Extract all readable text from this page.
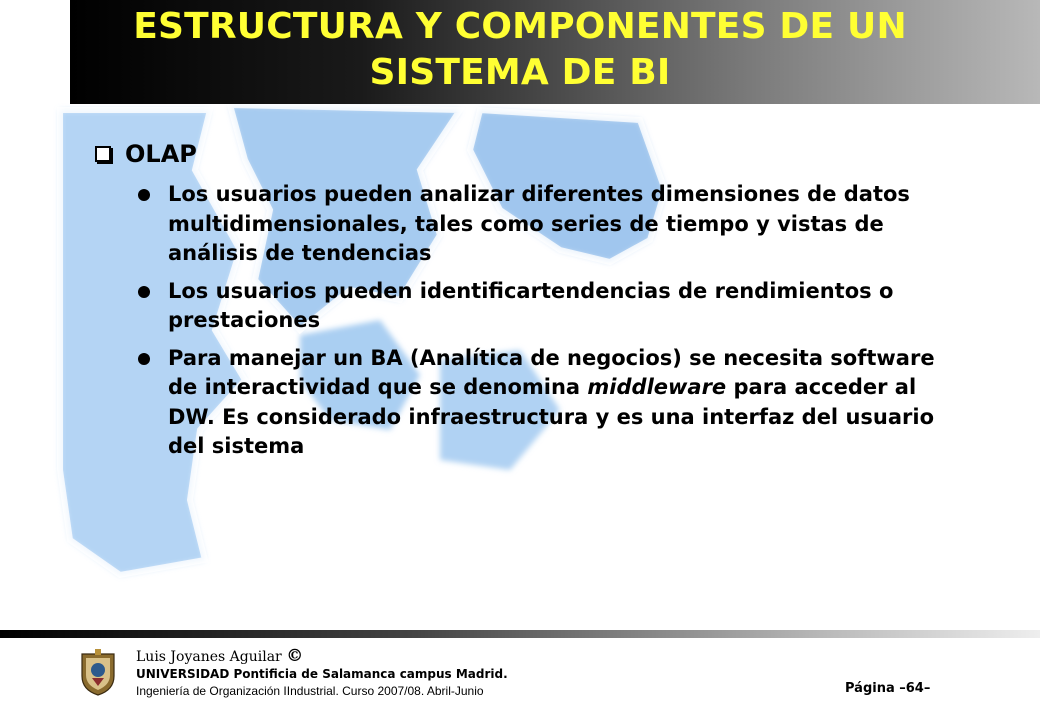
ESTRUCTURA Y COMPONENTES DE UN
SISTEMA DE BI
OLAP
Los usuarios pueden analizar diferentes dimensiones de datos multidimensionales, tales como series de tiempo y vistas de análisis de tendencias
Los usuarios pueden identificartendencias de rendimientos o prestaciones
Para manejar un BA (Analítica de negocios) se necesita software de interactividad que se denomina middleware para acceder al DW. Es considerado infraestructura y es una interfaz del usuario del sistema
Luis Joyanes Aguilar ©
UNIVERSIDAD Pontificia de Salamanca campus Madrid.
Ingeniería de Organización IIndustrial. Curso 2007/08. Abril-Junio	Página –64–
